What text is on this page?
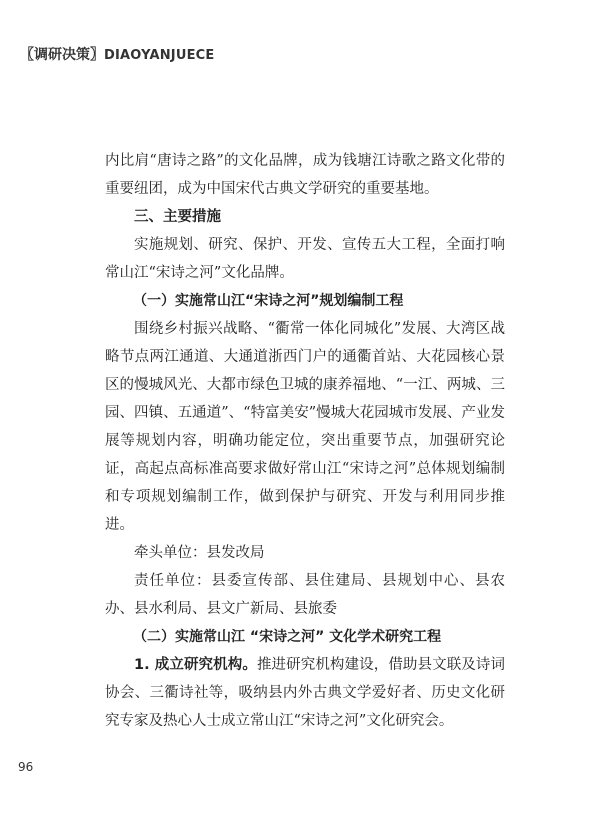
〖调研决策〗DIAOYANJUECE

内比肩“唐诗之路”的文化品牌，成为钱塘江诗歌之路文化带的重要纽团，成为中国宋代古典文学研究的重要基地。

三、主要措施

实施规划、研究、保护、开发、宣传五大工程，全面打响常山江“宋诗之河”文化品牌。

（一）实施常山江“宋诗之河”规划编制工程

围绕乡村振兴战略、“衢常一体化同城化”发展、大湾区战略节点两江通道、大通道浙西门户的通衢首站、大花园核心景区的慢城风光、大都市绿色卫城的康养福地、“一江、两城、三园、四镇、五通道”、“特富美安”慢城大花园城市发展、产业发展等规划内容，明确功能定位，突出重要节点，加强研究论证，高起点高标准高要求做好常山江“宋诗之河”总体规划编制和专项规划编制工作，做到保护与研究、开发与利用同步推进。

牵头单位：县发改局

责任单位：县委宣传部、县住建局、县规划中心、县农办、县水利局、县文广新局、县旅委

（二）实施常山江 “宋诗之河” 文化学术研究工程

1. 成立研究机构。推进研究机构建设，借助县文联及诗词协会、三衢诗社等，吸纳县内外古典文学爱好者、历史文化研究专家及热心人士成立常山江“宋诗之河”文化研究会。

96
